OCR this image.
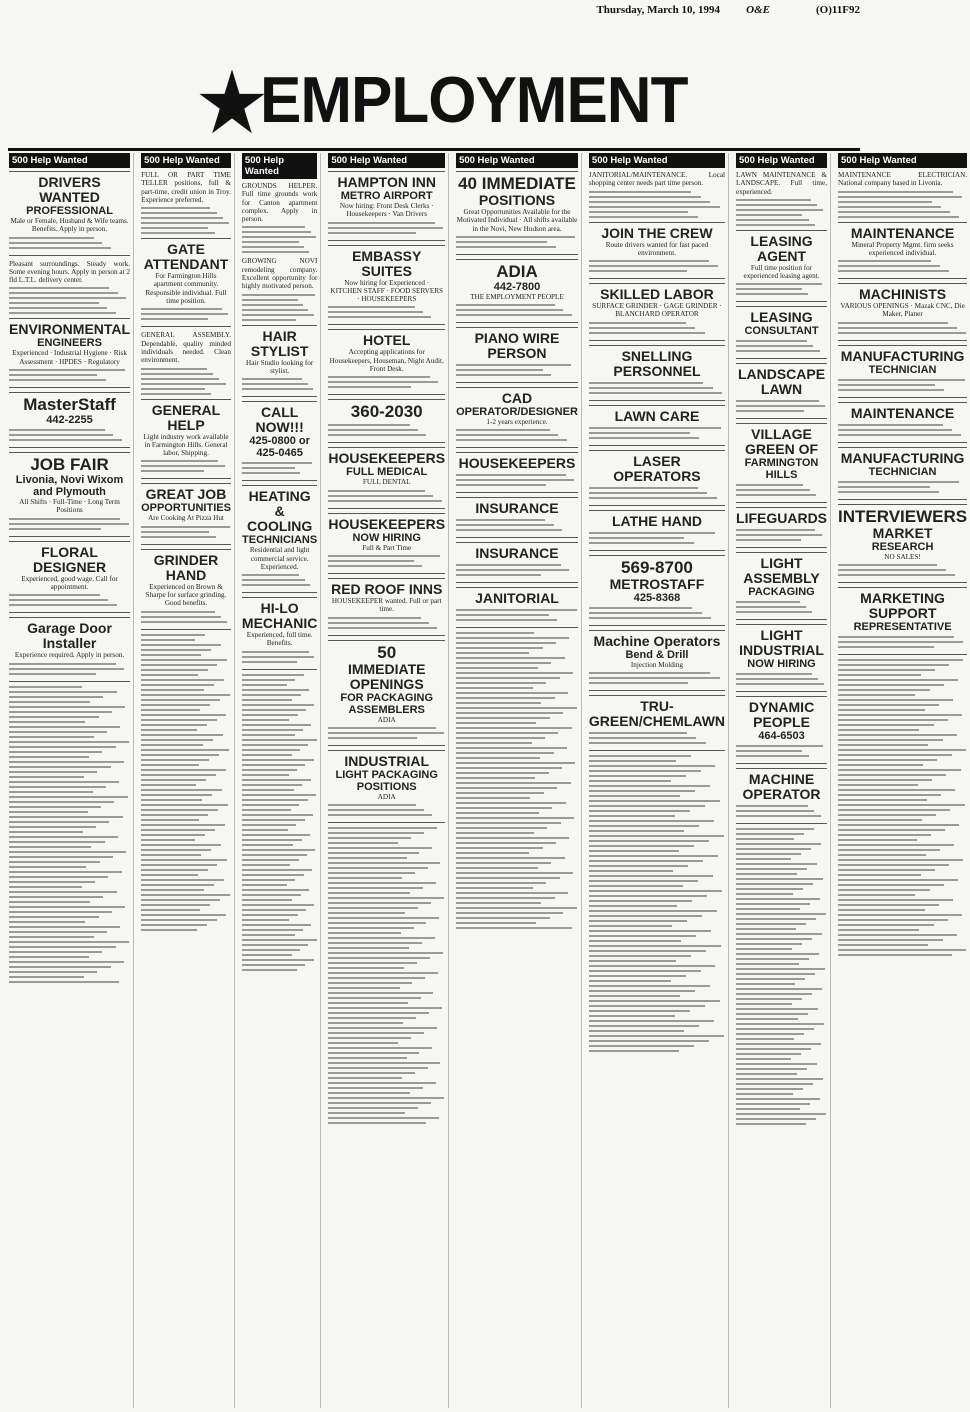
Thursday, March 10, 1994 O&E	(O)11F92
EMPLOYMENT
500 Help Wanted
DRIVERS WANTED
PROFESSIONAL
Male or Female, Husband & Wife teams. Benefits. Apply in person.
Pleasant surroundings. Steady work. Some evening hours. Apply in person at 2 fld L.T.L. delivery center.
ENVIRONMENTAL
ENGINEERS
Experienced · Industrial Hygiene · Risk Assessment · HPDES · Regulatory
MasterStaff
442-2255
JOB FAIR
Livonia, Novi Wixom and Plymouth
All Shifts · Full-Time · Long Term Positions
FLORAL DESIGNER
Experienced, good wage. Call for appointment.
Garage Door Installer
Experience required. Apply in person.
500 Help Wanted
FULL OR PART TIME TELLER positions, full & part-time, credit union in Troy. Experience preferred.
GATE ATTENDANT
For Farmington Hills apartment community. Responsible individual. Full time position.
GENERAL ASSEMBLY. Dependable, quality minded individuals needed. Clean environment.
GENERAL HELP
Light industry work available in Farmington Hills. General labor, Shipping.
GREAT JOB
OPPORTUNITIES
Are Cooking At Pizza Hut
GRINDER HAND
Experienced on Brown & Sharpe for surface grinding. Good benefits.
500 Help Wanted
GROUNDS HELPER. Full time grounds work for Canton apartment complex. Apply in person.
GROWING NOVI remodeling company. Excellent opportunity for highly motivated person.
HAIR STYLIST
Hair Studio looking for stylist.
CALL NOW!!!
425-0800 or 425-0465
HEATING & COOLING
TECHNICIANS
Residential and light commercial service. Experienced.
HI-LO MECHANIC
Experienced, full time. Benefits.
500 Help Wanted
HAMPTON INN
METRO AIRPORT
Now hiring: Front Desk Clerks · Housekeepers · Van Drivers
EMBASSY SUITES
Now hiring for Experienced · KITCHEN STAFF · FOOD SERVERS · HOUSEKEEPERS
HOTEL
Accepting applications for Housekeepers, Houseman, Night Audit, Front Desk.
360-2030
HOUSEKEEPERS
FULL MEDICAL
FULL DENTAL
HOUSEKEEPERS
NOW HIRING
Full & Part Time
RED ROOF INNS
HOUSEKEEPER wanted. Full or part time.
50
IMMEDIATE OPENINGS
FOR PACKAGING ASSEMBLERS
ADIA
INDUSTRIAL
LIGHT PACKAGING POSITIONS
ADIA
500 Help Wanted
40 IMMEDIATE
POSITIONS
Great Opportunities Available for the Motivated Individual · All shifts available in the Novi, New Hudson area.
ADIA
442-7800
THE EMPLOYMENT PEOPLE
PIANO WIRE PERSON
CAD
OPERATOR/DESIGNER
1-2 years experience.
HOUSEKEEPERS
INSURANCE
INSURANCE
JANITORIAL
500 Help Wanted
JANITORIAL/MAINTENANCE. Local shopping center needs part time person.
JOIN THE CREW
Route drivers wanted for fast paced environment.
SKILLED LABOR
SURFACE GRINDER · GAGE GRINDER · BLANCHARD OPERATOR
SNELLING PERSONNEL
LAWN CARE
LASER OPERATORS
LATHE HAND
569-8700
METROSTAFF
425-8368
Machine Operators
Bend & Drill
Injection Molding
TRU-GREEN/CHEMLAWN
500 Help Wanted
LAWN MAINTENANCE & LANDSCAPE. Full time, experienced.
LEASING AGENT
Full time position for experienced leasing agent.
LEASING
CONSULTANT
LANDSCAPE LAWN
VILLAGE GREEN OF
FARMINGTON HILLS
LIFEGUARDS
LIGHT ASSEMBLY
PACKAGING
LIGHT INDUSTRIAL
NOW HIRING
DYNAMIC PEOPLE
464-6503
MACHINE OPERATOR
500 Help Wanted
MAINTENANCE ELECTRICIAN. National company based in Livonia.
MAINTENANCE
Mineral Property Mgmt. firm seeks experienced individual.
MACHINISTS
VARIOUS OPENINGS · Mazak CNC, Die Maker, Planer
MANUFACTURING
TECHNICIAN
MAINTENANCE
MANUFACTURING
TECHNICIAN
INTERVIEWERS
MARKET
RESEARCH
NO SALES!
MARKETING SUPPORT
REPRESENTATIVE
